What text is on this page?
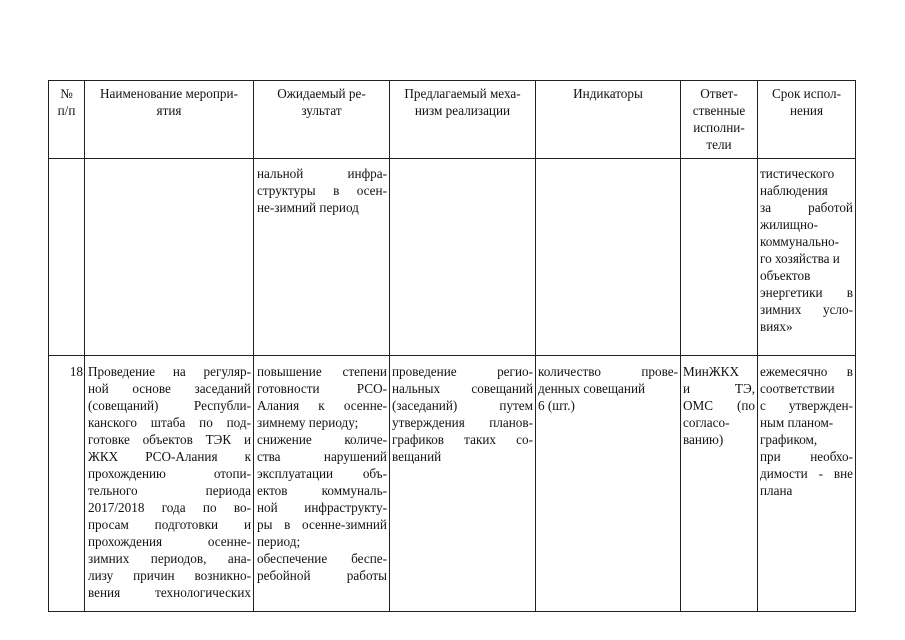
№
п/п
Наименование меропри-
ятия
Ожидаемый ре-
зультат
Предлагаемый меха-
низм реализации
Индикаторы	Ответ-
ственные
исполни-
тели
Срок испол-
нения
нальной инфра-
структуры в осен-
не-зимний период
тистического
наблюдения
за работой
жилищно-
коммунально-
го хозяйства и
объектов
энергетики в
зимних усло-
виях»
18 Проведение на регуляр-
ной основе заседаний
(совещаний) Республи-
канского штаба по под-
готовке объектов ТЭК и
ЖКХ РСО-Алания к
прохождению отопи-
тельного периода
2017/2018 года по во-
просам подготовки и
прохождения осенне-
зимних периодов, ана-
лизу причин возникно-
вения технологических
повышение степени
готовности РСО-
Алания к осенне-
зимнему периоду;
снижение количе-
ства нарушений
эксплуатации объ-
ектов коммуналь-
ной инфраструкту-
ры в осенне-зимний
период;
обеспечение беспе-
ребойной работы
проведение регио-
нальных совещаний
(заседаний) путем
утверждения планов-
графиков таких со-
вещаний
количество прове-
денных совещаний
6 (шт.)
МинЖКХ
и ТЭ,
ОМС (по
согласо-
ванию)
ежемесячно в
соответствии
с утвержден-
ным планом-
графиком,
при необхо-
димости - вне
плана
